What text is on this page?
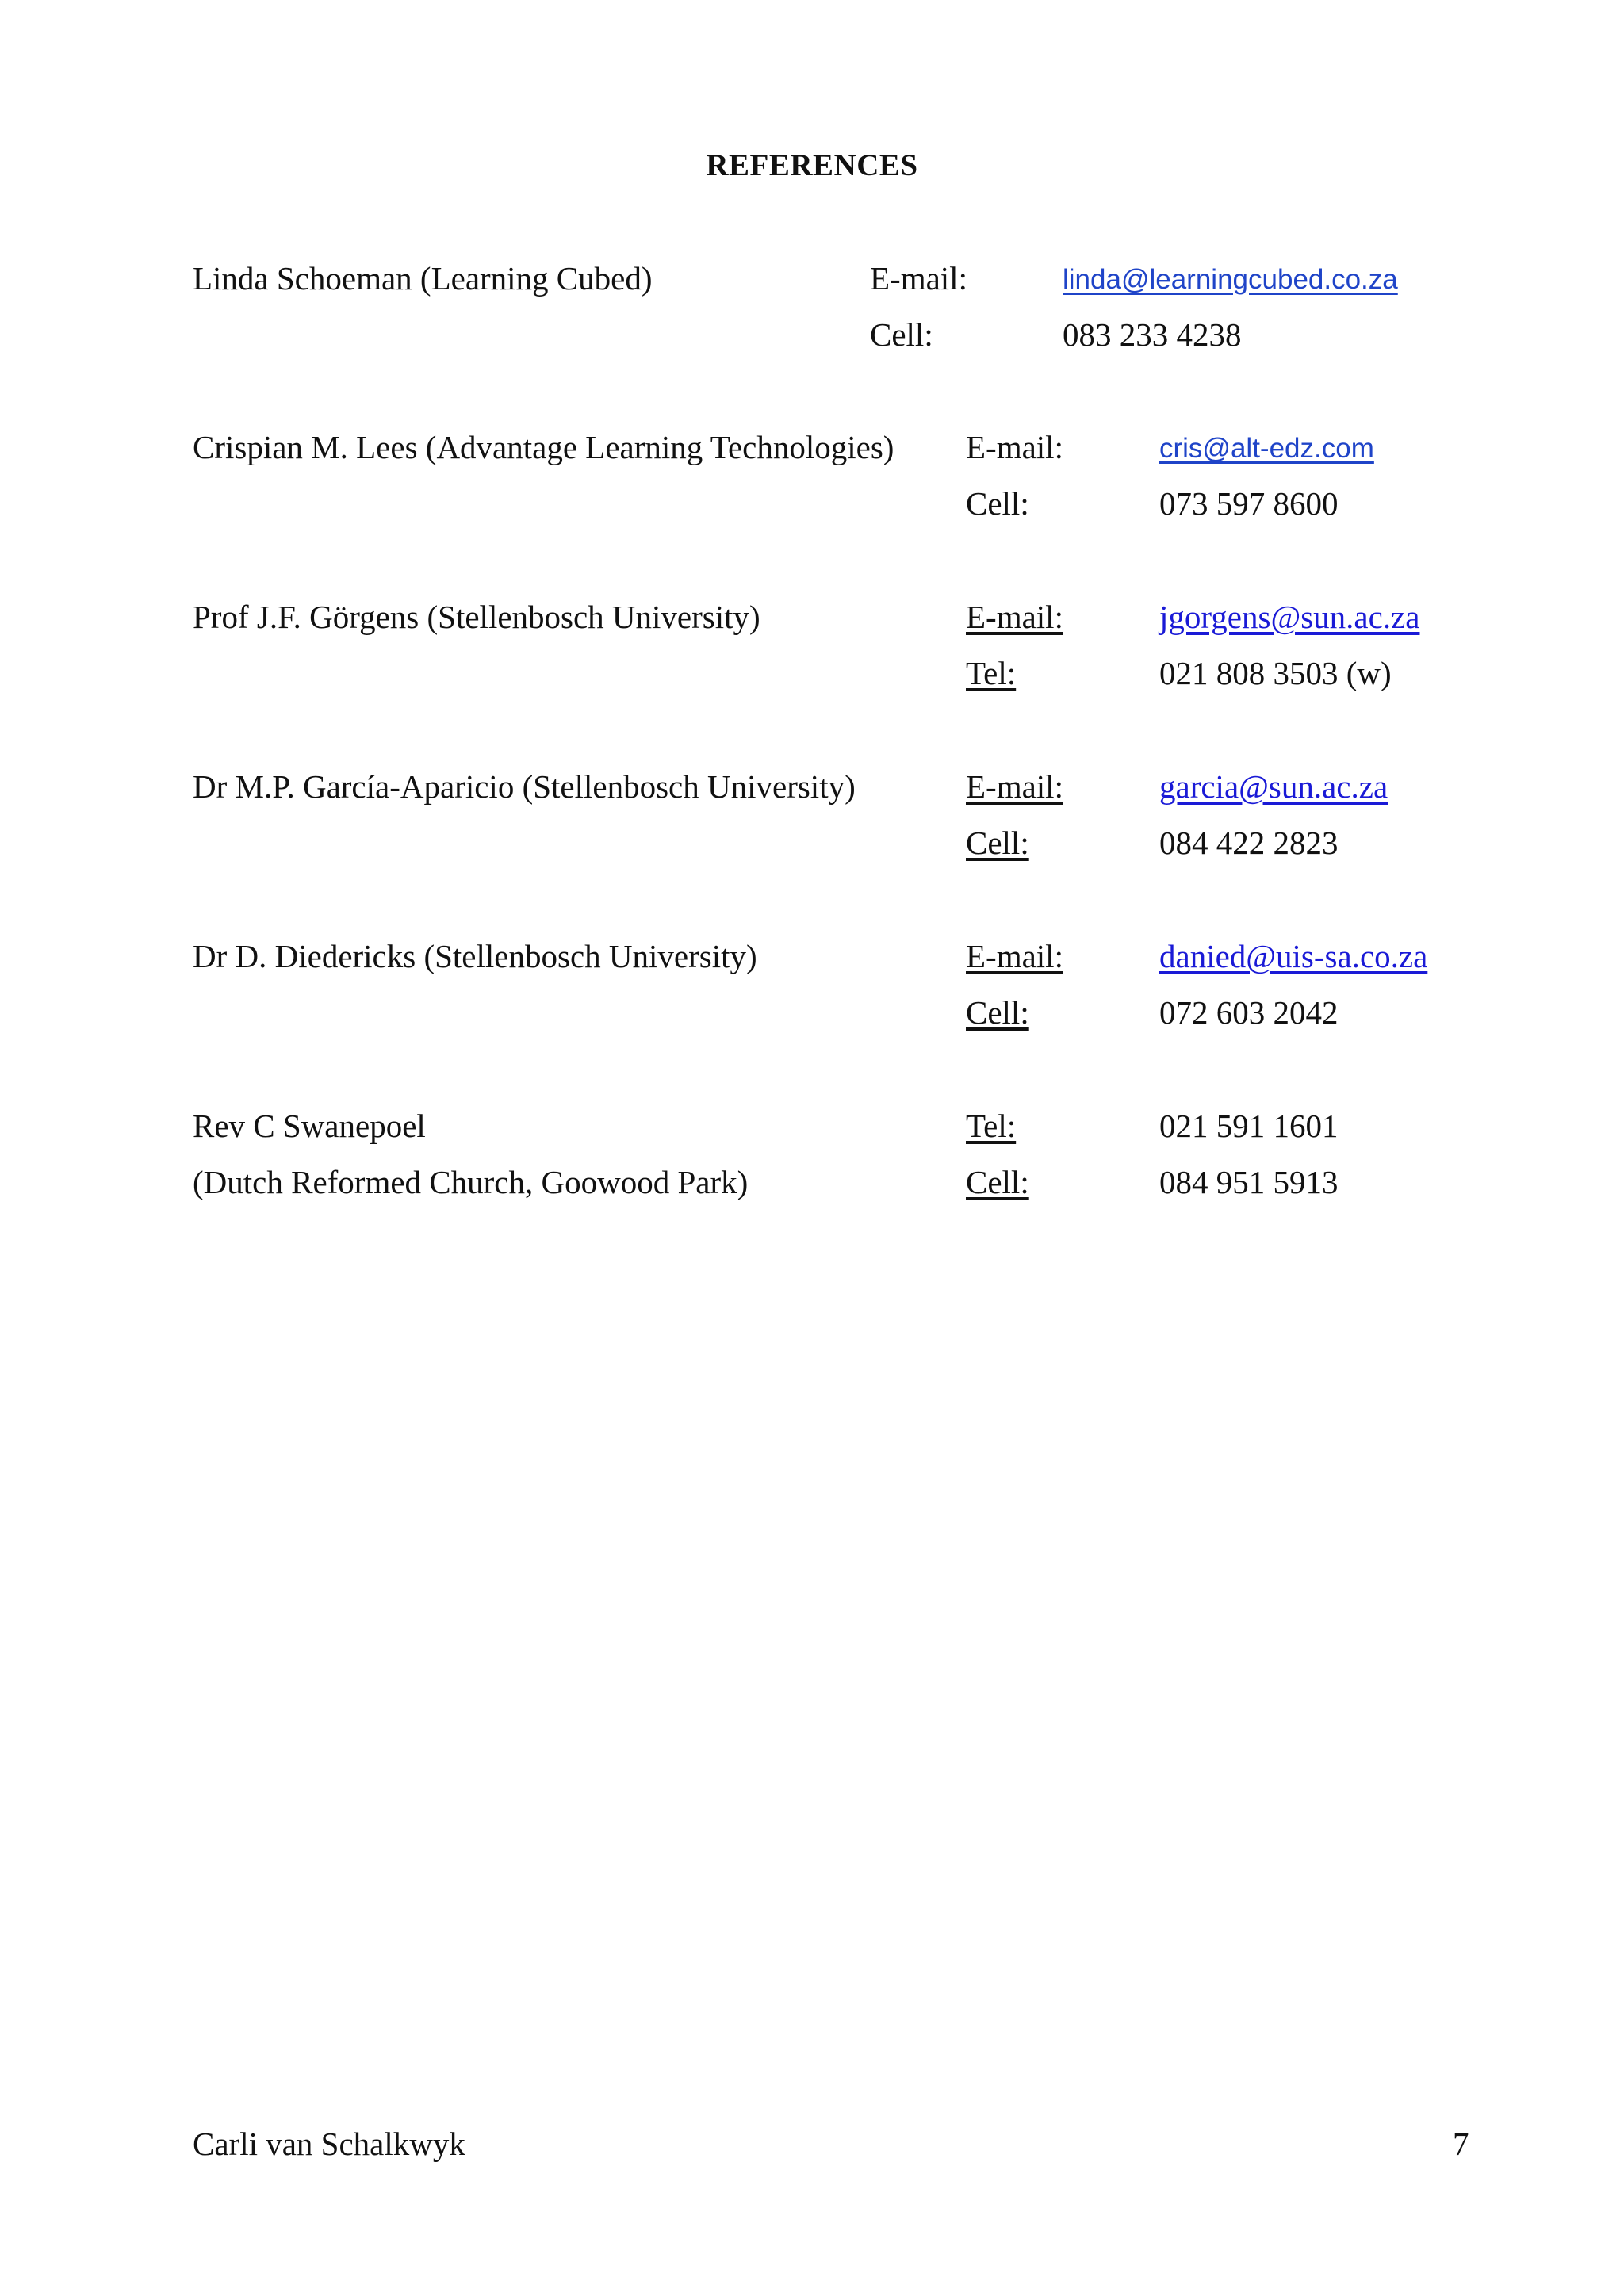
REFERENCES
Linda Schoeman (Learning Cubed)	E-mail:	linda@learningcubed.co.za
Cell:	083 233 4238
Crispian M. Lees (Advantage Learning Technologies) E-mail:	cris@alt-edz.com
Cell:	073 597 8600
Prof J.F. Görgens (Stellenbosch University)	E-mail:	jgorgens@sun.ac.za
Tel:	021 808 3503 (w)
Dr M.P. García-Aparicio (Stellenbosch University)	E-mail:	garcia@sun.ac.za
Cell:	084 422 2823
Dr D. Diedericks (Stellenbosch University)	E-mail:	danied@uis-sa.co.za
Cell:	072 603 2042
Rev C Swanepoel
(Dutch Reformed Church, Goowood Park)
Tel:	021 591 1601
Cell:	084 951 5913
Carli van Schalkwyk	7
